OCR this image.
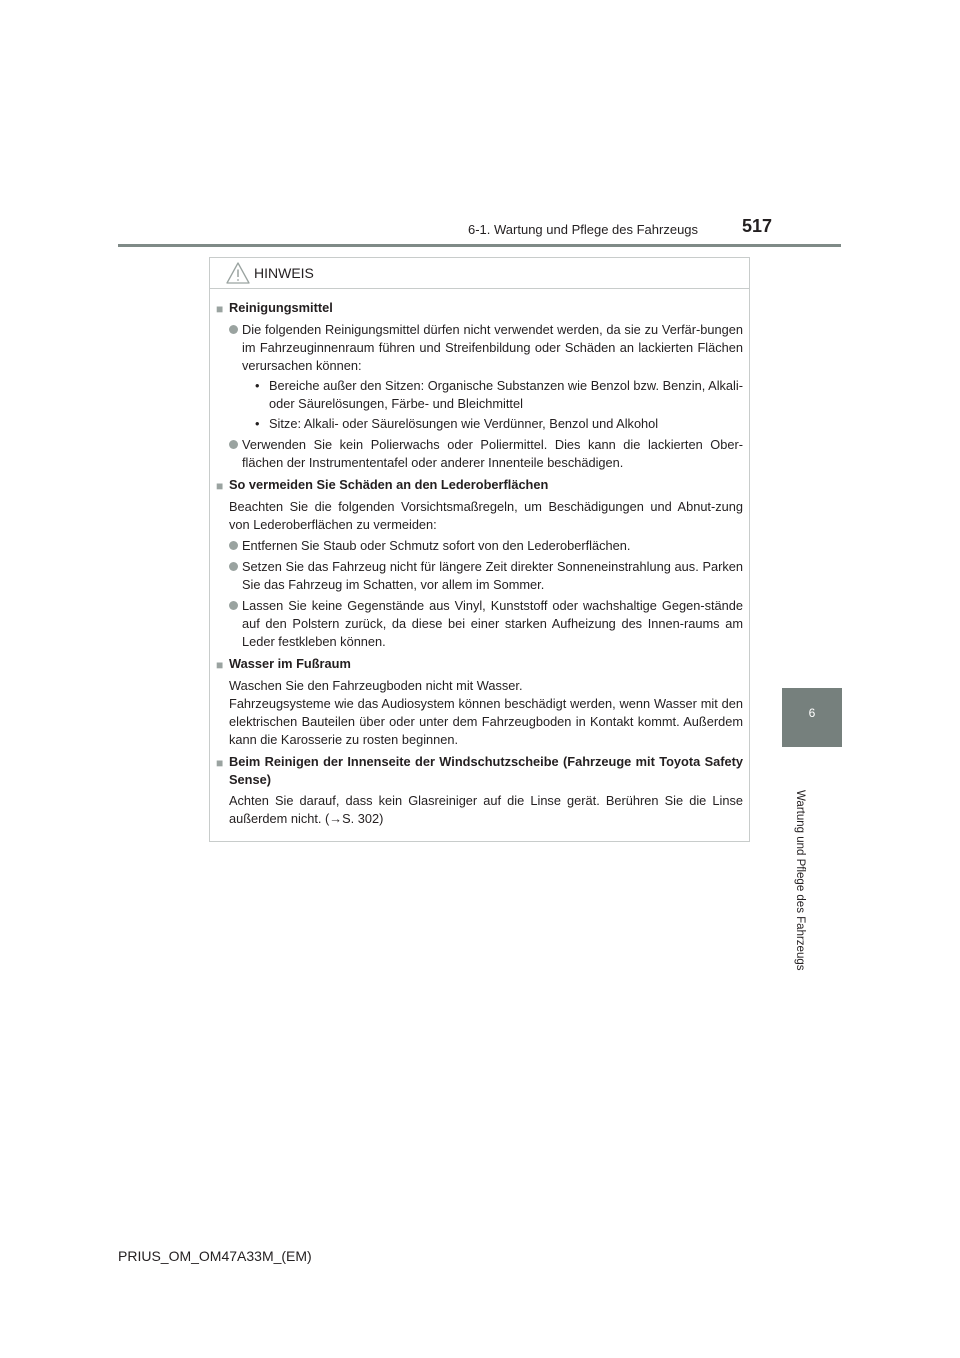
6-1. Wartung und Pflege des Fahrzeugs 517
6
Wartung und Pflege des Fahrzeugs
HINWEIS
■ Reinigungsmittel
Die folgenden Reinigungsmittel dürfen nicht verwendet werden, da sie zu Verfär-bungen im Fahrzeuginnenraum führen und Streifenbildung oder Schäden an lackierten Flächen verursachen können:
• Bereiche außer den Sitzen: Organische Substanzen wie Benzol bzw. Benzin, Alkali- oder Säurelösungen, Färbe- und Bleichmittel
• Sitze: Alkali- oder Säurelösungen wie Verdünner, Benzol und Alkohol
Verwenden Sie kein Polierwachs oder Poliermittel. Dies kann die lackierten Ober-flächen der Instrumententafel oder anderer Innenteile beschädigen.
■ So vermeiden Sie Schäden an den Lederoberflächen
Beachten Sie die folgenden Vorsichtsmaßregeln, um Beschädigungen und Abnut-zung von Lederoberflächen zu vermeiden:
Entfernen Sie Staub oder Schmutz sofort von den Lederoberflächen.
Setzen Sie das Fahrzeug nicht für längere Zeit direkter Sonneneinstrahlung aus. Parken Sie das Fahrzeug im Schatten, vor allem im Sommer.
Lassen Sie keine Gegenstände aus Vinyl, Kunststoff oder wachshaltige Gegen-stände auf den Polstern zurück, da diese bei einer starken Aufheizung des Innen-raums am Leder festkleben können.
■ Wasser im Fußraum
Waschen Sie den Fahrzeugboden nicht mit Wasser.
Fahrzeugsysteme wie das Audiosystem können beschädigt werden, wenn Wasser mit den elektrischen Bauteilen über oder unter dem Fahrzeugboden in Kontakt kommt. Außerdem kann die Karosserie zu rosten beginnen.
■ Beim Reinigen der Innenseite der Windschutzscheibe (Fahrzeuge mit Toyota Safety Sense)
Achten Sie darauf, dass kein Glasreiniger auf die Linse gerät. Berühren Sie die Linse außerdem nicht. (→S. 302)
PRIUS_OM_OM47A33M_(EM)
